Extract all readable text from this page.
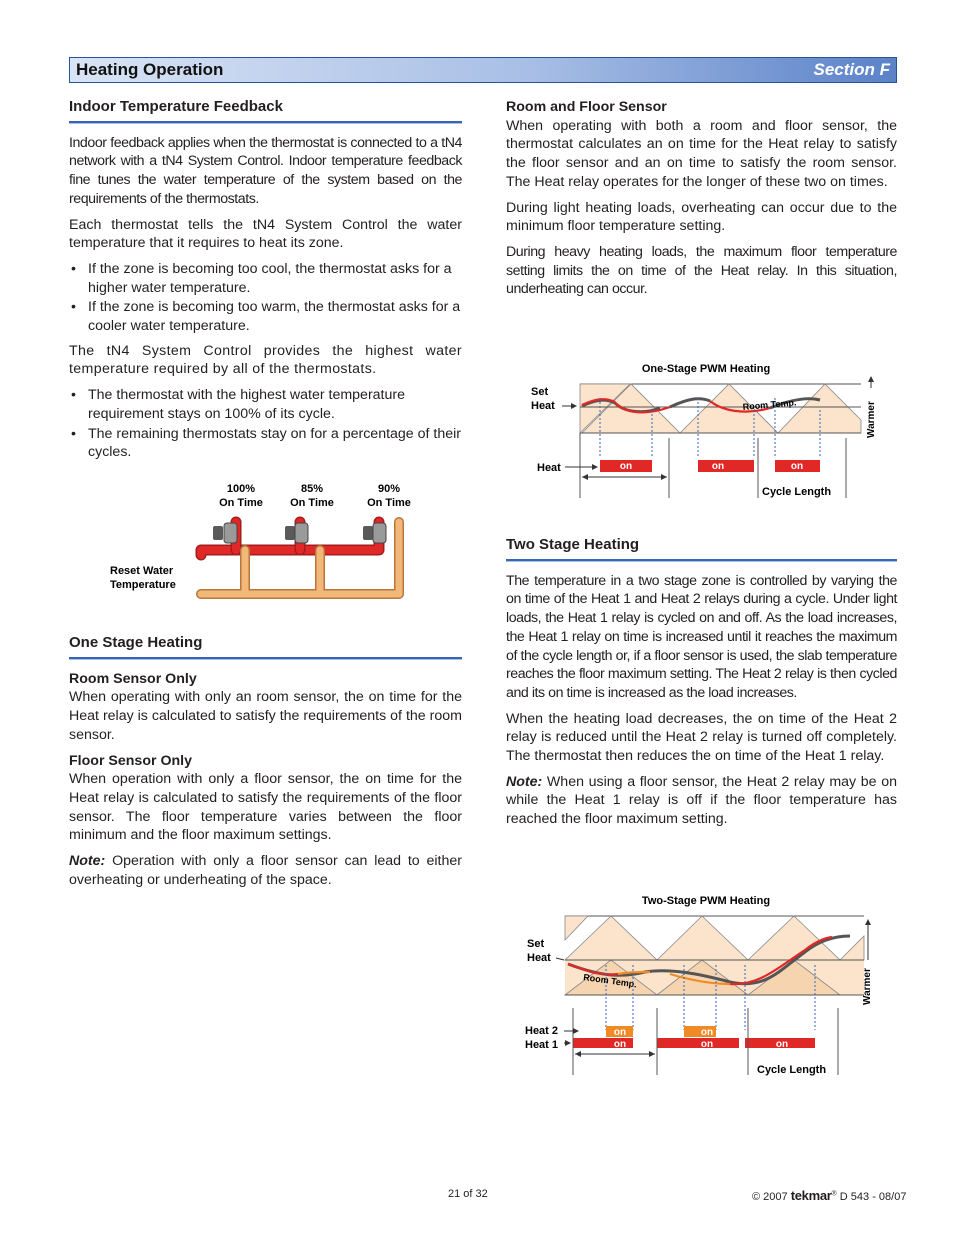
Heating Operation	Section F
Indoor Temperature Feedback

Indoor feedback applies when the thermostat is connected to a tN4 network with a tN4 System Control. Indoor temperature feedback fine tunes the water temperature of the system based on the requirements of the thermostats.

Each thermostat tells the tN4 System Control the water temperature that it requires to heat its zone.

• If the zone is becoming too cool, the thermostat asks for a higher water temperature.
• If the zone is becoming too warm, the thermostat asks for a cooler water temperature.

The tN4 System Control provides the highest water temperature required by all of the thermostats.

• The thermostat with the highest water temperature requirement stays on 100% of its cycle.
• The remaining thermostats stay on for a percentage of their cycles.
100%
On Time
85%
On Time
90%
On Time
Reset Water
Temperature
One Stage Heating
Room Sensor Only

When operating with only an room sensor, the on time for the Heat relay is calculated to satisfy the requirements of the room sensor.

Floor Sensor Only

When operation with only a floor sensor, the on time for the Heat relay is calculated to satisfy the requirements of the floor sensor. The floor temperature varies between the floor minimum and the floor maximum settings.

Note: Operation with only a floor sensor can lead to either overheating or underheating of the space.

Room and Floor Sensor

When operating with both a room and floor sensor, the thermostat calculates an on time for the Heat relay to satisfy the floor sensor and an on time to satisfy the room sensor. The Heat relay operates for the longer of these two on times.

During light heating loads, overheating can occur due to the minimum floor temperature setting.

During heavy heating loads, the maximum floor temperature setting limits the on time of the Heat relay. In this situation, underheating can occur.

One-Stage PWM Heating
Room Temp.
on	on	on
Cycle Length
Set
Heat
Heat
Warmer
Two Stage Heating

The temperature in a two stage zone is controlled by varying the on time of the Heat 1 and Heat 2 relays during a cycle. Under light loads, the Heat 1 relay is cycled on and off. As the load increases, the Heat 1 relay on time is increased until it reaches the maximum of the cycle length or, if a floor sensor is used, the slab temperature reaches the floor maximum setting. The Heat 2 relay is then cycled and its on time is increased as the load increases.

When the heating load decreases, the on time of the Heat 2 relay is reduced until the Heat 2 relay is turned off completely. The thermostat then reduces the on time of the Heat 1 relay.

Note: When using a floor sensor, the Heat 2 relay may be on while the Heat 1 relay is off if the floor temperature has reached the floor maximum setting.

Two-Stage PWM Heating
Room Temp.
on	on
on	on	on
Cycle Length
Set
Heat
Heat 2
Heat 1
Warmer
21 of 32	© 2007 tekmar® D 543 - 08/07
